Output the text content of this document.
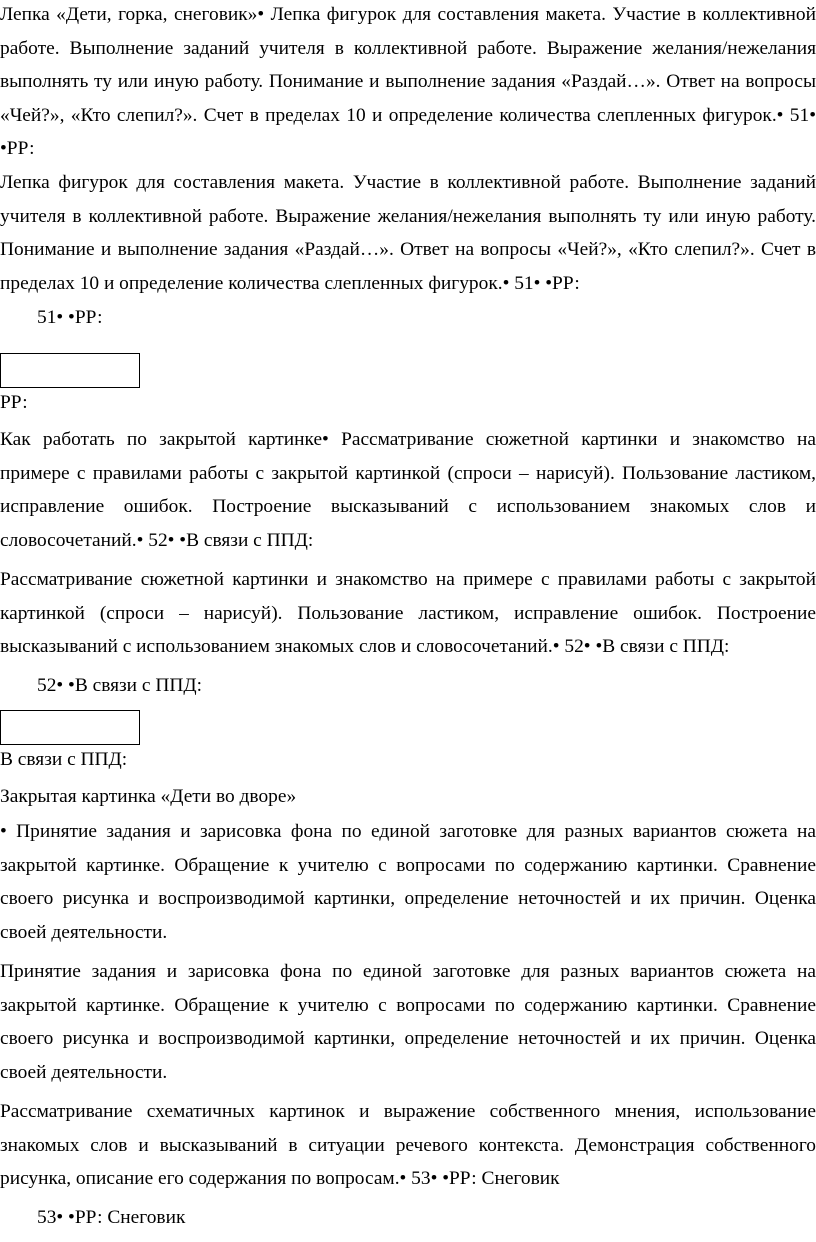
Лепка «Дети, горка, снеговик»• Лепка фигурок для составления макета. Участие в коллективной работе. Выполнение заданий учителя в коллективной работе. Выражение желания/нежелания выполнять ту или иную работу. Понимание и выполнение задания «Раздай…». Ответ на вопросы «Чей?», «Кто слепил?». Счет в пределах 10 и определение количества слепленных фигурок.• 51• •РР:
Лепка фигурок для составления макета. Участие в коллективной работе. Выполнение заданий учителя в коллективной работе. Выражение желания/нежелания выполнять ту или иную работу. Понимание и выполнение задания «Раздай…». Ответ на вопросы «Чей?», «Кто слепил?». Счет в пределах 10 и определение количества слепленных фигурок.• 51• •РР:
51• •РР:
РР:
Как работать по закрытой картинке• Рассматривание сюжетной картинки и знакомство на примере с правилами работы с закрытой картинкой (спроси – нарисуй). Пользование ластиком, исправление ошибок. Построение высказываний с использованием знакомых слов и словосочетаний.• 52• •В связи с ППД:
Рассматривание сюжетной картинки и знакомство на примере с правилами работы с закрытой картинкой (спроси – нарисуй). Пользование ластиком, исправление ошибок. Построение высказываний с использованием знакомых слов и словосочетаний.• 52• •В связи с ППД:
52• •В связи с ППД:
В связи с ППД:
Закрытая картинка «Дети во дворе»
• Принятие задания и зарисовка фона по единой заготовке для разных вариантов сюжета на закрытой картинке. Обращение к учителю с вопросами по содержанию картинки. Сравнение своего рисунка и воспроизводимой картинки, определение неточностей и их причин. Оценка своей деятельности.
Принятие задания и зарисовка фона по единой заготовке для разных вариантов сюжета на закрытой картинке. Обращение к учителю с вопросами по содержанию картинки. Сравнение своего рисунка и воспроизводимой картинки, определение неточностей и их причин. Оценка своей деятельности.
Рассматривание схематичных картинок и выражение собственного мнения, использование знакомых слов и высказываний в ситуации речевого контекста. Демонстрация собственного рисунка, описание его содержания по вопросам.• 53• •РР: Снеговик
53• •РР: Снеговик
